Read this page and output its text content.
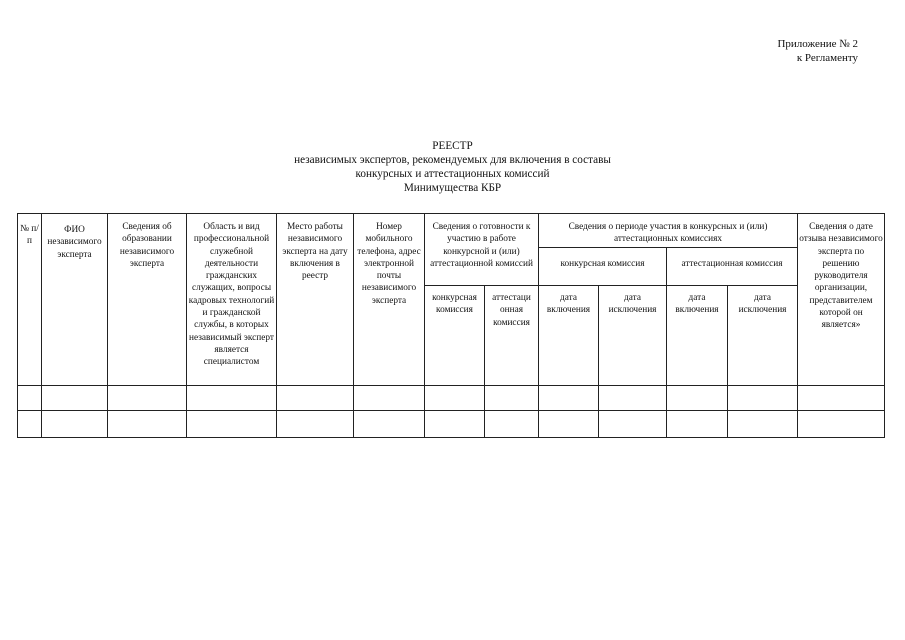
Приложение № 2
к Регламенту
РЕЕСТР
независимых экспертов, рекомендуемых для включения в составы
конкурсных и аттестационных комиссий
Минимущества КБР
№ п/п	ФИО независимого эксперта	Сведения об образовании независимого эксперта	Область и вид профессиональной служебной деятельности гражданских служащих, вопросы кадровых технологий и гражданской службы, в которых независимый эксперт является специалистом	Место работы независимого эксперта на дату включения в реестр	Номер мобильного телефона, адрес электронной почты независимого эксперта	Сведения о готовности к участию в работе конкурсной и (или) аттестационной комиссий		Сведения о периоде участия в конкурсных и (или) аттестационных комиссиях				Сведения о дате отзыва независимого эксперта по решению руководителя организации, представителем которой он является»
								конкурсная комиссия		аттестационная комиссия		
						конкурсная комиссия	аттестаци онная комиссия	дата включения	дата исключения	дата включения	дата исключения	
